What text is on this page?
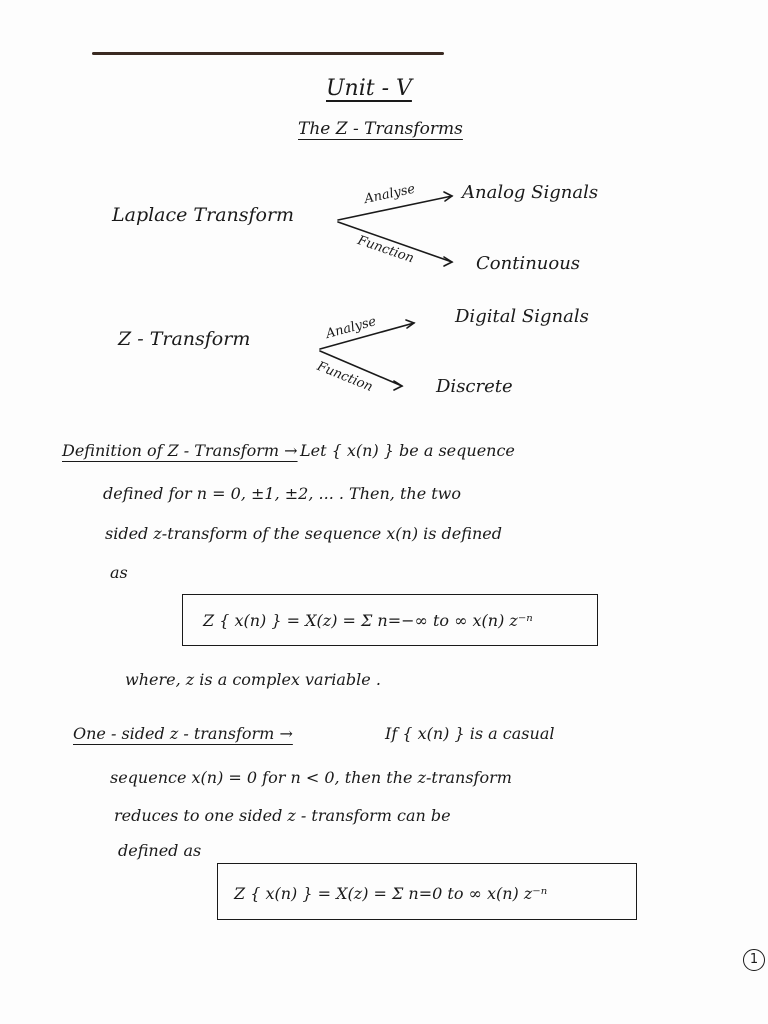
Unit - V
The Z - Transforms
Laplace Transform
Analyse	Analog Signals
Function	Continuous
Z - Transform	Analyse	Digital Signals
Function	Discrete
Definition of Z - Transform → Let { x(n) } be a sequence
defined for n = 0, ±1, ±2, ... . Then, the two
sided z-transform of the sequence x(n) is defined
as
Z { x(n) } = X(z) = Σ n=−∞ to ∞ x(n) z⁻ⁿ
where, z is a complex variable .
One - sided z - transform →	If { x(n) } is a casual
sequence x(n) = 0 for n < 0, then the z-transform
reduces to one sided z - transform can be
defined as
Z { x(n) } = X(z) = Σ n=0 to ∞ x(n) z⁻ⁿ
1
